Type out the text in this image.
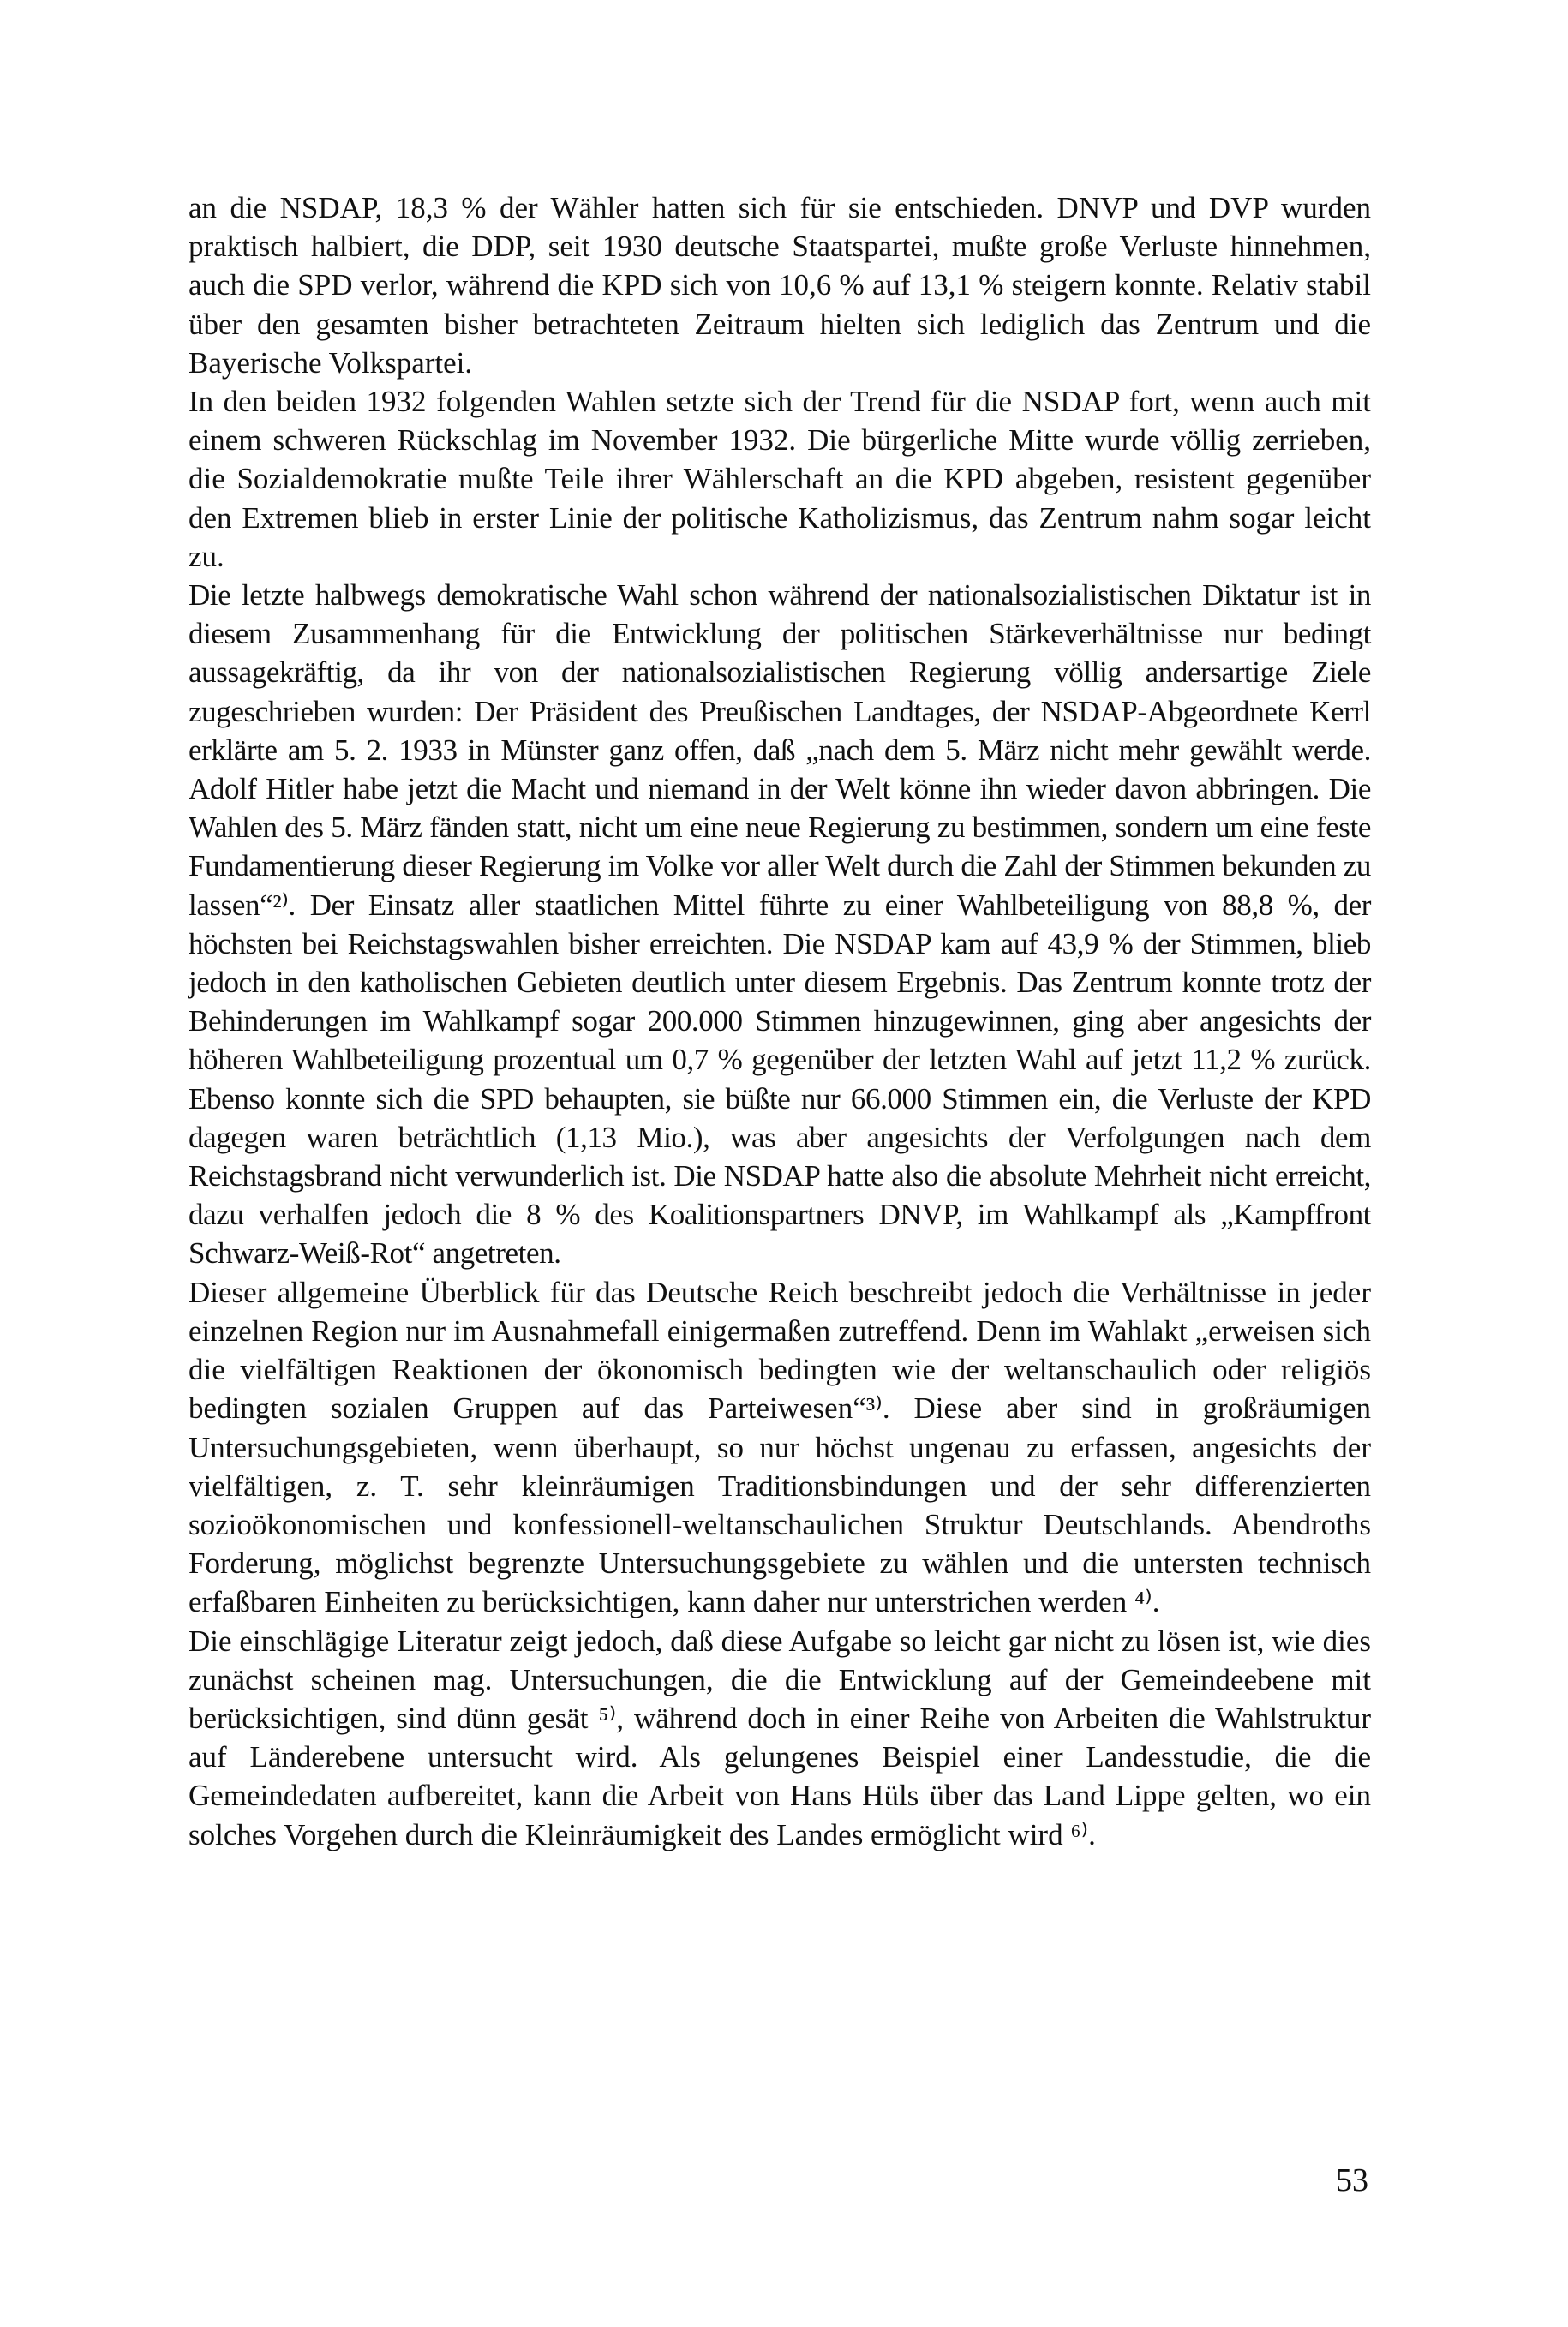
an die NSDAP, 18,3 % der Wähler hatten sich für sie entschieden. DNVP und DVP wurden praktisch halbiert, die DDP, seit 1930 deutsche Staatspartei, mußte große Verluste hinnehmen, auch die SPD verlor, während die KPD sich von 10,6 % auf 13,1 % steigern konnte. Relativ stabil über den gesamten bisher betrachteten Zeitraum hielten sich lediglich das Zentrum und die Bayerische Volkspartei.

In den beiden 1932 folgenden Wahlen setzte sich der Trend für die NSDAP fort, wenn auch mit einem schweren Rückschlag im November 1932. Die bürgerliche Mitte wurde völlig zerrieben, die Sozialdemokratie mußte Teile ihrer Wählerschaft an die KPD abgeben, resistent gegenüber den Extremen blieb in erster Linie der politische Katholizismus, das Zentrum nahm sogar leicht zu.

Die letzte halbwegs demokratische Wahl schon während der nationalsozialistischen Diktatur ist in diesem Zusammenhang für die Entwicklung der politischen Stärkeverhältnisse nur bedingt aussagekräftig, da ihr von der nationalsozialistischen Regierung völlig andersartige Ziele zugeschrieben wurden: Der Präsident des Preußischen Landtages, der NSDAP-Abgeordnete Kerrl erklärte am 5. 2. 1933 in Münster ganz offen, daß „nach dem 5. März nicht mehr gewählt werde. Adolf Hitler habe jetzt die Macht und niemand in der Welt könne ihn wieder davon abbringen. Die Wahlen des 5. März fänden statt, nicht um eine neue Regierung zu bestimmen, sondern um eine feste Fundamentierung dieser Regierung im Volke vor aller Welt durch die Zahl der Stimmen bekunden zu lassen“²⁾. Der Einsatz aller staatlichen Mittel führte zu einer Wahlbeteiligung von 88,8 %, der höchsten bei Reichstagswahlen bisher erreichten. Die NSDAP kam auf 43,9 % der Stimmen, blieb jedoch in den katholischen Gebieten deutlich unter diesem Ergebnis. Das Zentrum konnte trotz der Behinderungen im Wahlkampf sogar 200.000 Stimmen hinzugewinnen, ging aber angesichts der höheren Wahlbeteiligung prozentual um 0,7 % gegenüber der letzten Wahl auf jetzt 11,2 % zurück. Ebenso konnte sich die SPD behaupten, sie büßte nur 66.000 Stimmen ein, die Verluste der KPD dagegen waren beträchtlich (1,13 Mio.), was aber angesichts der Verfolgungen nach dem Reichstagsbrand nicht verwunderlich ist. Die NSDAP hatte also die absolute Mehrheit nicht erreicht, dazu verhalfen jedoch die 8 % des Koalitionspartners DNVP, im Wahlkampf als „Kampffront Schwarz-Weiß-Rot“ angetreten.

Dieser allgemeine Überblick für das Deutsche Reich beschreibt jedoch die Verhältnisse in jeder einzelnen Region nur im Ausnahmefall einigermaßen zutreffend. Denn im Wahlakt „erweisen sich die vielfältigen Reaktionen der ökonomisch bedingten wie der weltanschaulich oder religiös bedingten sozialen Gruppen auf das Parteiwesen“³⁾. Diese aber sind in großräumigen Untersuchungsgebieten, wenn überhaupt, so nur höchst ungenau zu erfassen, angesichts der vielfältigen, z. T. sehr kleinräumigen Traditionsbindungen und der sehr differenzierten sozioökonomischen und konfessionell-weltanschaulichen Struktur Deutschlands. Abendroths Forderung, möglichst begrenzte Untersuchungsgebiete zu wählen und die untersten technisch erfaßbaren Einheiten zu berücksichtigen, kann daher nur unterstrichen werden ⁴⁾.

Die einschlägige Literatur zeigt jedoch, daß diese Aufgabe so leicht gar nicht zu lösen ist, wie dies zunächst scheinen mag. Untersuchungen, die die Entwicklung auf der Gemeindeebene mit berücksichtigen, sind dünn gesät ⁵⁾, während doch in einer Reihe von Arbeiten die Wahlstruktur auf Länderebene untersucht wird. Als gelungenes Beispiel einer Landesstudie, die die Gemeindedaten aufbereitet, kann die Arbeit von Hans Hüls über das Land Lippe gelten, wo ein solches Vorgehen durch die Kleinräumigkeit des Landes ermöglicht wird ⁶⁾.

53
